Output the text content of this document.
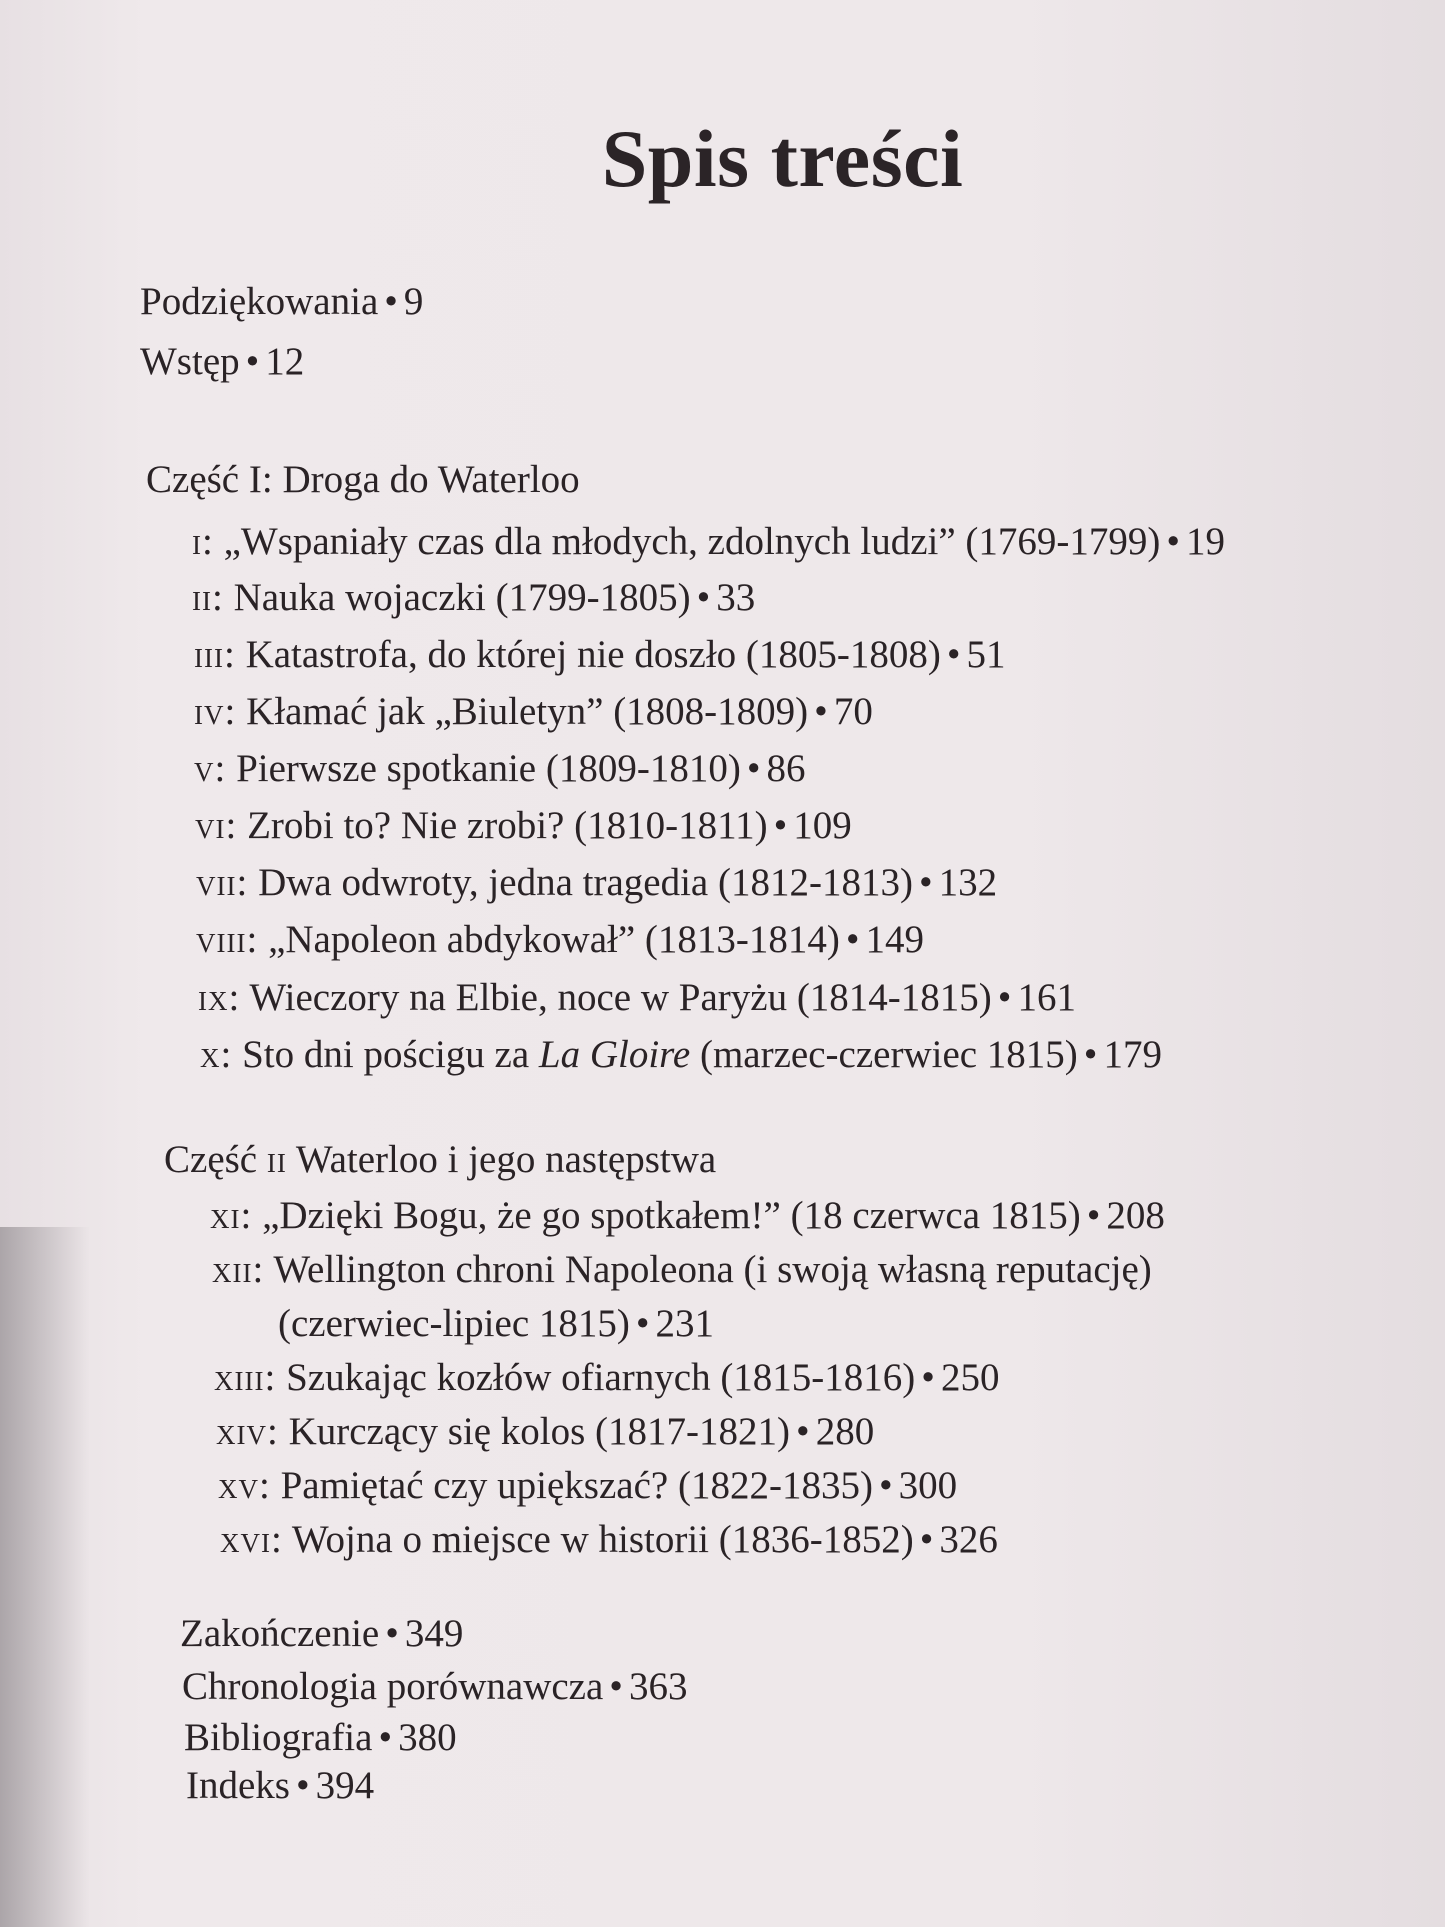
Spis treści
Podziękowania • 9
Wstęp • 12
Część I: Droga do Waterloo
i: „Wspaniały czas dla młodych, zdolnych ludzi” (1769-1799) • 19
ii: Nauka wojaczki (1799-1805) • 33
iii: Katastrofa, do której nie doszło (1805-1808) • 51
iv: Kłamać jak „Biuletyn” (1808-1809) • 70
v: Pierwsze spotkanie (1809-1810) • 86
vi: Zrobi to? Nie zrobi? (1810-1811) • 109
vii: Dwa odwroty, jedna tragedia (1812-1813) • 132
viii: „Napoleon abdykował” (1813-1814) • 149
ix: Wieczory na Elbie, noce w Paryżu (1814-1815) • 161
x: Sto dni pościgu za La Gloire (marzec-czerwiec 1815) • 179
Część ii Waterloo i jego następstwa
xi: „Dzięki Bogu, że go spotkałem!” (18 czerwca 1815) • 208
xii: Wellington chroni Napoleona (i swoją własną reputację)
(czerwiec-lipiec 1815) • 231
xiii: Szukając kozłów ofiarnych (1815-1816) • 250
xiv: Kurczący się kolos (1817-1821) • 280
xv: Pamiętać czy upiększać? (1822-1835) • 300
xvi: Wojna o miejsce w historii (1836-1852) • 326
Zakończenie • 349
Chronologia porównawcza • 363
Bibliografia • 380
Indeks • 394
